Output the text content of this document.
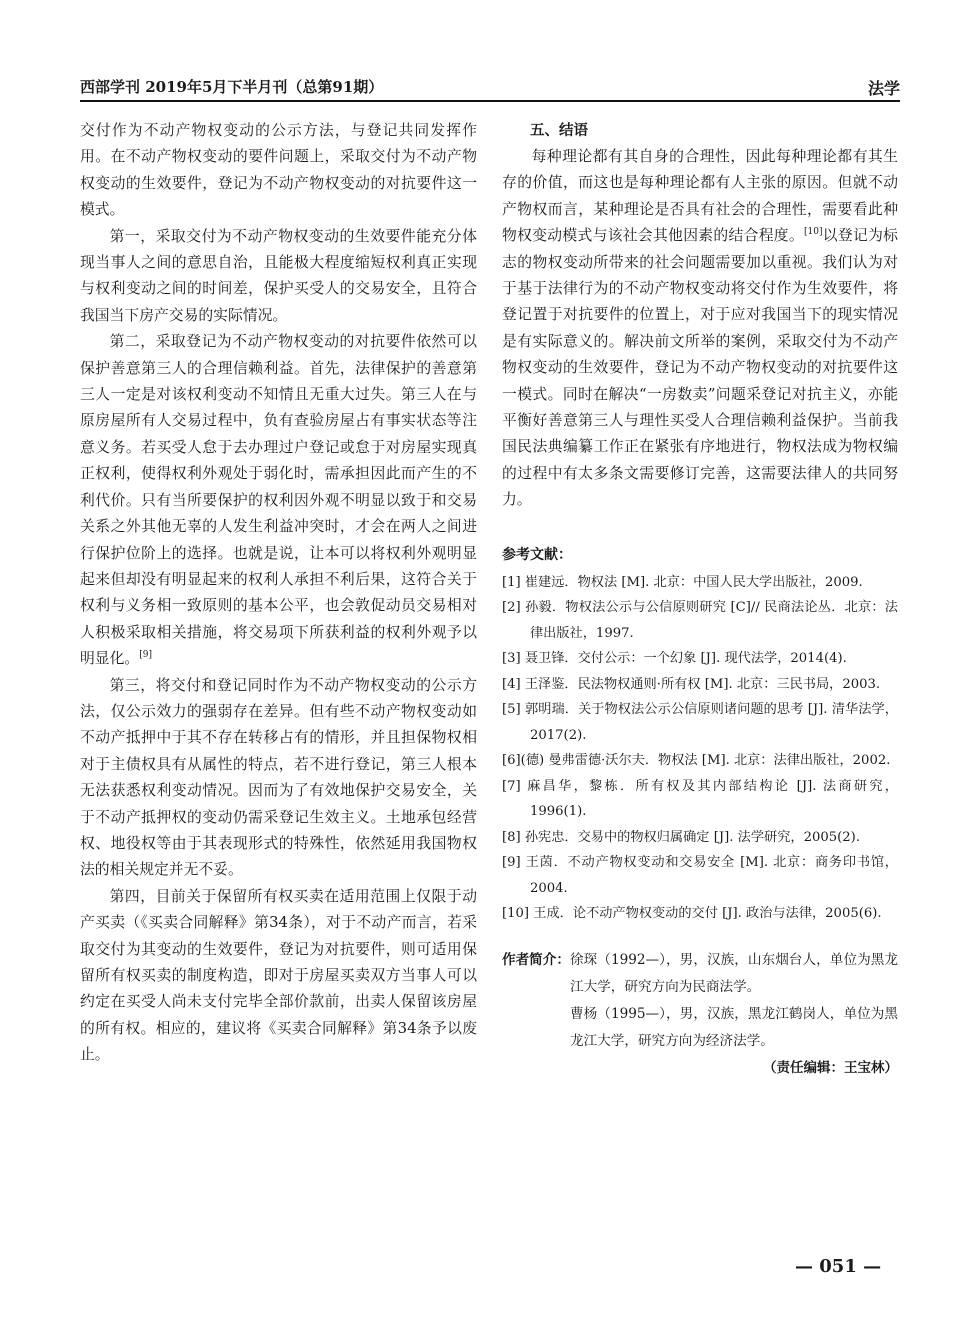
西部学刊 2019年5月下半月刊（总第91期）	法学

交付作为不动产物权变动的公示方法，与登记共同发挥作用。在不动产物权变动的要件问题上，采取交付为不动产物权变动的生效要件，登记为不动产物权变动的对抗要件这一模式。

第一，采取交付为不动产物权变动的生效要件能充分体现当事人之间的意思自治，且能极大程度缩短权利真正实现与权利变动之间的时间差，保护买受人的交易安全，且符合我国当下房产交易的实际情况。

第二，采取登记为不动产物权变动的对抗要件依然可以保护善意第三人的合理信赖利益。首先，法律保护的善意第三人一定是对该权利变动不知情且无重大过失。第三人在与原房屋所有人交易过程中，负有查验房屋占有事实状态等注意义务。若买受人怠于去办理过户登记或怠于对房屋实现真正权利，使得权利外观处于弱化时，需承担因此而产生的不利代价。只有当所要保护的权利因外观不明显以致于和交易关系之外其他无辜的人发生利益冲突时，才会在两人之间进行保护位阶上的选择。也就是说，让本可以将权利外观明显起来但却没有明显起来的权利人承担不利后果，这符合关于权利与义务相一致原则的基本公平，也会敦促动员交易相对人积极采取相关措施，将交易项下所获利益的权利外观予以明显化。[9]

第三，将交付和登记同时作为不动产物权变动的公示方法，仅公示效力的强弱存在差异。但有些不动产物权变动如不动产抵押中于其不存在转移占有的情形，并且担保物权相对于主债权具有从属性的特点，若不进行登记，第三人根本无法获悉权利变动情况。因而为了有效地保护交易安全，关于不动产抵押权的变动仍需采登记生效主义。土地承包经营权、地役权等由于其表现形式的特殊性，依然延用我国物权法的相关规定并无不妥。

第四，目前关于保留所有权买卖在适用范围上仅限于动产买卖（《买卖合同解释》第34条），对于不动产而言，若采取交付为其变动的生效要件，登记为对抗要件，则可适用保留所有权买卖的制度构造，即对于房屋买卖双方当事人可以约定在买受人尚未支付完毕全部价款前，出卖人保留该房屋的所有权。相应的，建议将《买卖合同解释》第34条予以废止。

五、结语

每种理论都有其自身的合理性，因此每种理论都有其生存的价值，而这也是每种理论都有人主张的原因。但就不动产物权而言，某种理论是否具有社会的合理性，需要看此种物权变动模式与该社会其他因素的结合程度。[10]以登记为标志的物权变动所带来的社会问题需要加以重视。我们认为对于基于法律行为的不动产物权变动将交付作为生效要件，将登记置于对抗要件的位置上，对于应对我国当下的现实情况是有实际意义的。解决前文所举的案例，采取交付为不动产物权变动的生效要件，登记为不动产物权变动的对抗要件这一模式。同时在解决“一房数卖”问题采登记对抗主义，亦能平衡好善意第三人与理性买受人合理信赖利益保护。当前我国民法典编纂工作正在紧张有序地进行，物权法成为物权编的过程中有太多条文需要修订完善，这需要法律人的共同努力。

参考文献：
[1] 崔建远．物权法 [M]. 北京：中国人民大学出版社，2009.
[2] 孙毅．物权法公示与公信原则研究 [C]// 民商法论丛．北京：法律出版社，1997.
[3] 聂卫锋．交付公示：一个幻象 [J]. 现代法学，2014(4).
[4] 王泽鉴．民法物权通则·所有权 [M]. 北京：三民书局，2003.
[5] 郭明瑞．关于物权法公示公信原则诸问题的思考 [J]. 清华法学，2017(2).
[6](德) 曼弗雷德·沃尔夫．物权法 [M]. 北京：法律出版社，2002.
[7] 麻昌华，黎栋．所有权及其内部结构论 [J]. 法商研究，1996(1).
[8] 孙宪忠．交易中的物权归属确定 [J]. 法学研究，2005(2).
[9] 王茵．不动产物权变动和交易安全 [M]. 北京：商务印书馆，2004.
[10] 王成．论不动产物权变动的交付 [J]. 政治与法律，2005(6).
作者简介： 徐琛（1992—），男，汉族，山东烟台人，单位为黑龙江大学，研究方向为民商法学。

曹杨（1995—），男，汉族，黑龙江鹤岗人，单位为黑龙江大学，研究方向为经济法学。

（责任编辑：王宝林）
— 051 —
